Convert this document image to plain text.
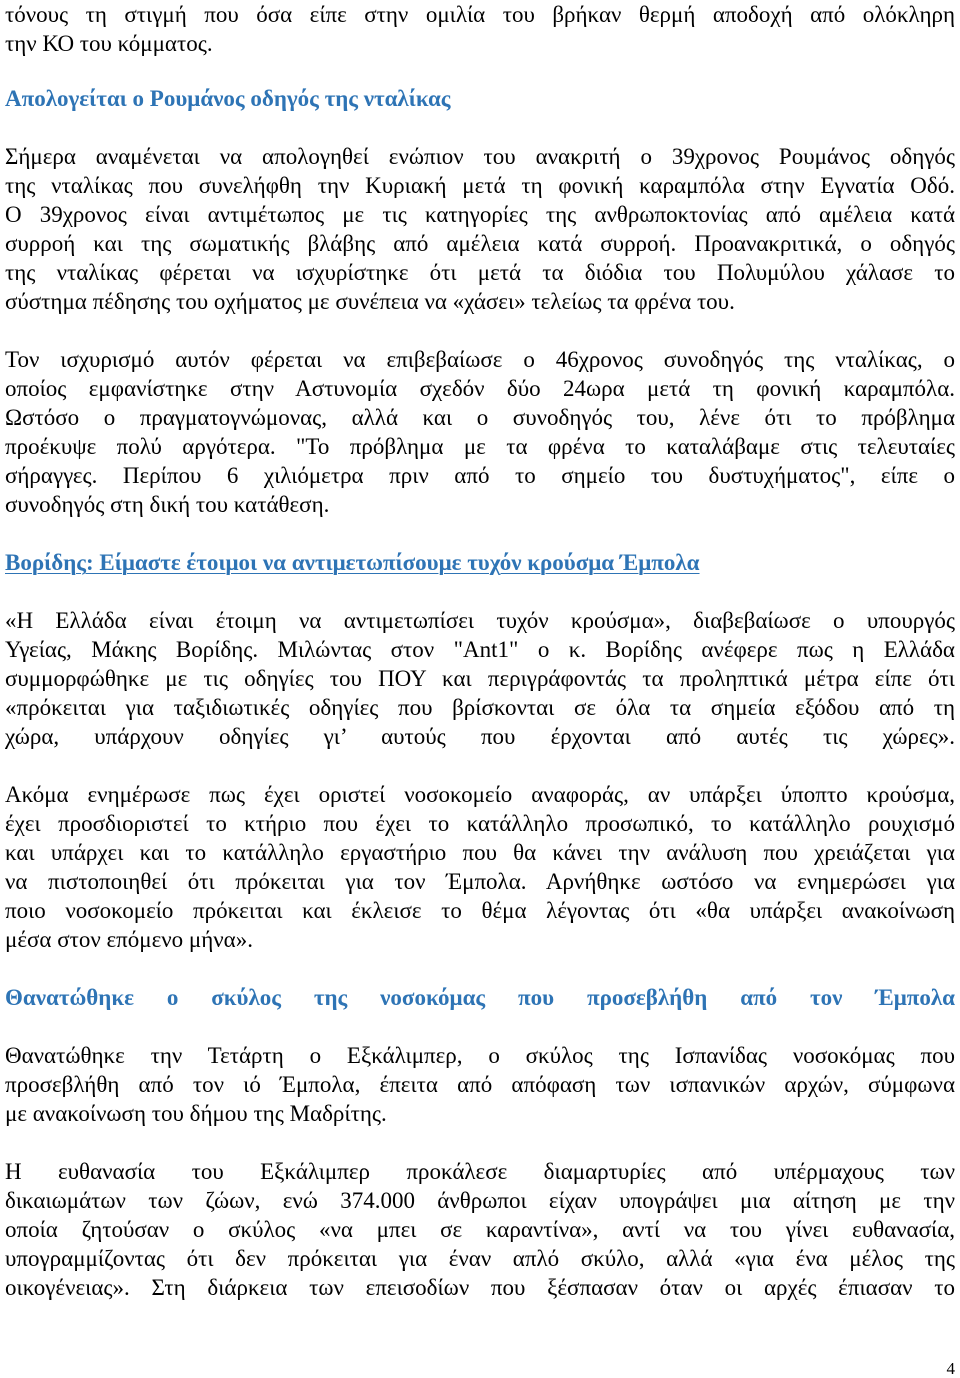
τόνους τη στιγμή που όσα είπε στην ομιλία του βρήκαν θερμή αποδοχή από ολόκληρη
την ΚΟ του κόμματος.
Απολογείται ο Ρουμάνος οδηγός της νταλίκας
Σήμερα αναμένεται να απολογηθεί ενώπιον του ανακριτή ο 39χρονος Ρουμάνος οδηγός
της νταλίκας που συνελήφθη την Κυριακή μετά τη φονική καραμπόλα στην Εγνατία Οδό.
Ο 39χρονος είναι αντιμέτωπος με τις κατηγορίες της ανθρωποκτονίας από αμέλεια κατά
συρροή και της σωματικής βλάβης από αμέλεια κατά συρροή. Προανακριτικά, ο οδηγός
της νταλίκας φέρεται να ισχυρίστηκε ότι μετά τα διόδια του Πολυμύλου χάλασε το
σύστημα πέδησης του οχήματος με συνέπεια να «χάσει» τελείως τα φρένα του.
Τον ισχυρισμό αυτόν φέρεται να επιβεβαίωσε ο 46χρονος συνοδηγός της νταλίκας, ο
οποίος εμφανίστηκε στην Αστυνομία σχεδόν δύο 24ωρα μετά τη φονική καραμπόλα.
Ωστόσο ο πραγματογνώμονας, αλλά και ο συνοδηγός του, λένε ότι το πρόβλημα
προέκυψε πολύ αργότερα. "Το πρόβλημα με τα φρένα το καταλάβαμε στις τελευταίες
σήραγγες. Περίπου 6 χιλιόμετρα πριν από το σημείο του δυστυχήματος", είπε ο
συνοδηγός στη δική του κατάθεση.
Βορίδης: Είμαστε έτοιμοι να αντιμετωπίσουμε τυχόν κρούσμα Έμπολα
«Η Ελλάδα είναι έτοιμη να αντιμετωπίσει τυχόν κρούσμα», διαβεβαίωσε ο υπουργός
Υγείας, Μάκης Βορίδης. Μιλώντας στον "Ant1" ο κ. Βορίδης ανέφερε πως η Ελλάδα
συμμορφώθηκε με τις οδηγίες του ΠΟΥ και περιγράφοντάς τα προληπτικά μέτρα είπε ότι
«πρόκειται για ταξιδιωτικές οδηγίες που βρίσκονται σε όλα τα σημεία εξόδου από τη
χώρα, υπάρχουν οδηγίες γι’ αυτούς που έρχονται από αυτές τις χώρες».
Ακόμα ενημέρωσε πως έχει οριστεί νοσοκομείο αναφοράς, αν υπάρξει ύποπτο κρούσμα,
έχει προσδιοριστεί το κτήριο που έχει το κατάλληλο προσωπικό, το κατάλληλο ρουχισμό
και υπάρχει και το κατάλληλο εργαστήριο που θα κάνει την ανάλυση που χρειάζεται για
να πιστοποιηθεί ότι πρόκειται για τον Έμπολα. Αρνήθηκε ωστόσο να ενημερώσει για
ποιο νοσοκομείο πρόκειται και έκλεισε το θέμα λέγοντας ότι «θα υπάρξει ανακοίνωση
μέσα στον επόμενο μήνα».
Θανατώθηκε ο σκύλος της νοσοκόμας που προσεβλήθη από τον Έμπολα
Θανατώθηκε την Τετάρτη ο Εξκάλιμπερ, ο σκύλος της Ισπανίδας νοσοκόμας που
προσεβλήθη από τον ιό Έμπολα, έπειτα από απόφαση των ισπανικών αρχών, σύμφωνα
με ανακοίνωση του δήμου της Μαδρίτης.
Η ευθανασία του Εξκάλιμπερ προκάλεσε διαμαρτυρίες από υπέρμαχους των
δικαιωμάτων των ζώων, ενώ 374.000 άνθρωποι είχαν υπογράψει μια αίτηση με την
οποία ζητούσαν ο σκύλος «να μπει σε καραντίνα», αντί να του γίνει ευθανασία,
υπογραμμίζοντας ότι δεν πρόκειται για έναν απλό σκύλο, αλλά «για ένα μέλος της
οικογένειας». Στη διάρκεια των επεισοδίων που ξέσπασαν όταν οι αρχές έπιασαν το
4
